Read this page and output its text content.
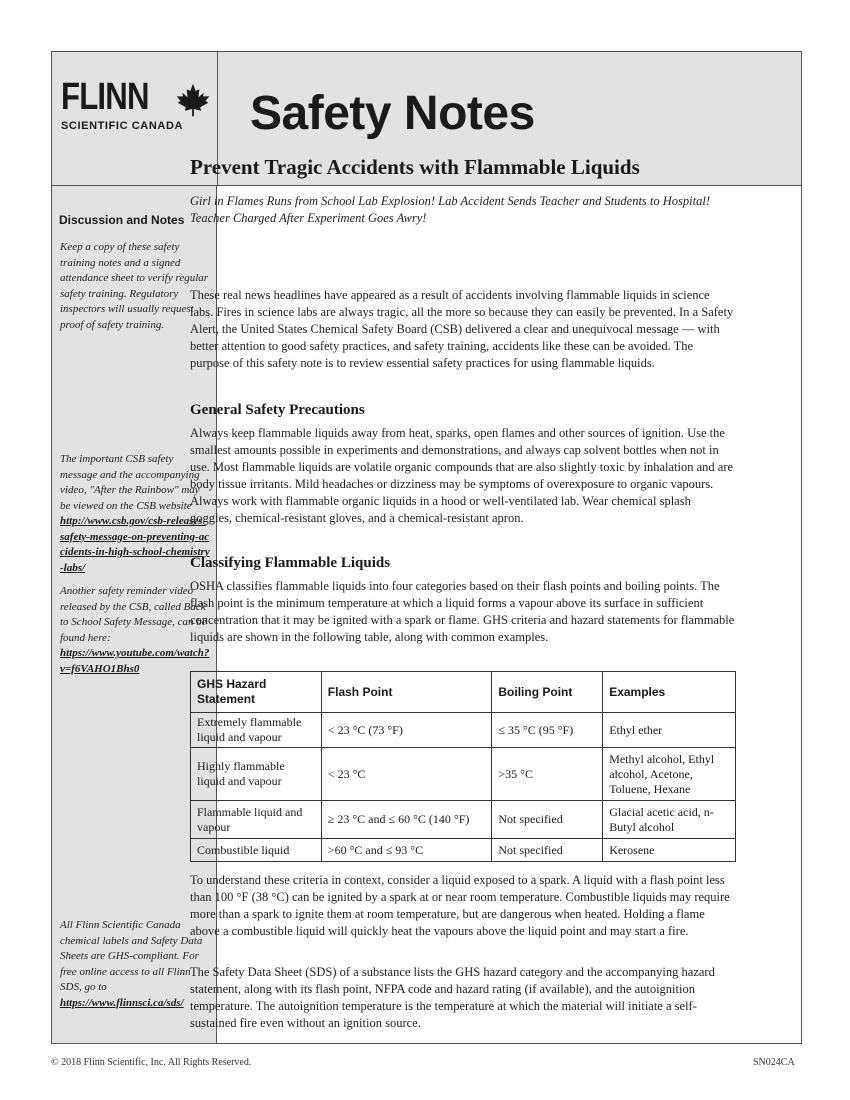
FLINN
SCIENTIFIC CANADA Safety Notes
Discussion and Notes
Keep a copy of these safety training notes and a signed attendance sheet to verify regular safety training. Regulatory inspectors will usually request proof of safety training.
The important CSB safety message and the accompanying video, "After the Rainbow" may be viewed on the CSB website
http://www.csb.gov/csb-releases-safety-message-on-preventing-accidents-in-high-school-chemistry-labs/
Another safety reminder video released by the CSB, called Back to School Safety Message, can be found here:
https://www.youtube.com/watch?v=f6VAHO1Bhs0
All Flinn Scientific Canada chemical labels and Safety Data Sheets are GHS-compliant. For free online access to all Flinn SDS, go to
https://www.flinnsci.ca/sds/
Prevent Tragic Accidents with Flammable Liquids
Girl in Flames Runs from School Lab Explosion! Lab Accident Sends Teacher and Students to Hospital! Teacher Charged After Experiment Goes Awry!
These real news headlines have appeared as a result of accidents involving flammable liquids in science labs. Fires in science labs are always tragic, all the more so because they can easily be prevented. In a Safety Alert, the United States Chemical Safety Board (CSB) delivered a clear and unequivocal message — with better attention to good safety practices, and safety training, accidents like these can be avoided. The purpose of this safety note is to review essential safety practices for using flammable liquids.
General Safety Precautions
Always keep flammable liquids away from heat, sparks, open flames and other sources of ignition. Use the smallest amounts possible in experiments and demonstrations, and always cap solvent bottles when not in use. Most flammable liquids are volatile organic compounds that are also slightly toxic by inhalation and are body tissue irritants. Mild headaches or dizziness may be symptoms of overexposure to organic vapours. Always work with flammable organic liquids in a hood or well-ventilated lab. Wear chemical splash goggles, chemical-resistant gloves, and a chemical-resistant apron.
Classifying Flammable Liquids
OSHA classifies flammable liquids into four categories based on their flash points and boiling points. The flash point is the minimum temperature at which a liquid forms a vapour above its surface in sufficient concentration that it may be ignited with a spark or flame. GHS criteria and hazard statements for flammable liquids are shown in the following table, along with common examples.
GHS Hazard Statement	Flash Point	Boiling Point	Examples
Extremely flammable liquid and vapour	< 23 °C (73 °F)	≤ 35 °C (95 °F)	Ethyl ether
Highly flammable liquid and vapour	< 23 °C	>35 °C	Methyl alcohol, Ethyl alcohol, Acetone, Toluene, Hexane
Flammable liquid and vapour	≥ 23 °C and ≤ 60 °C (140 °F)	Not specified	Glacial acetic acid, n-Butyl alcohol
Combustible liquid	>60 °C and ≤ 93 °C	Not specified	Kerosene
To understand these criteria in context, consider a liquid exposed to a spark. A liquid with a flash point less than 100 °F (38 °C) can be ignited by a spark at or near room temperature. Combustible liquids may require more than a spark to ignite them at room temperature, but are dangerous when heated. Holding a flame above a combustible liquid will quickly heat the vapours above the liquid point and may start a fire.
The Safety Data Sheet (SDS) of a substance lists the GHS hazard category and the accompanying hazard statement, along with its flash point, NFPA code and hazard rating (if available), and the autoignition temperature. The autoignition temperature is the temperature at which the material will initiate a self-sustained fire even without an ignition source.
© 2018 Flinn Scientific, Inc. All Rights Reserved.	SN024CA
